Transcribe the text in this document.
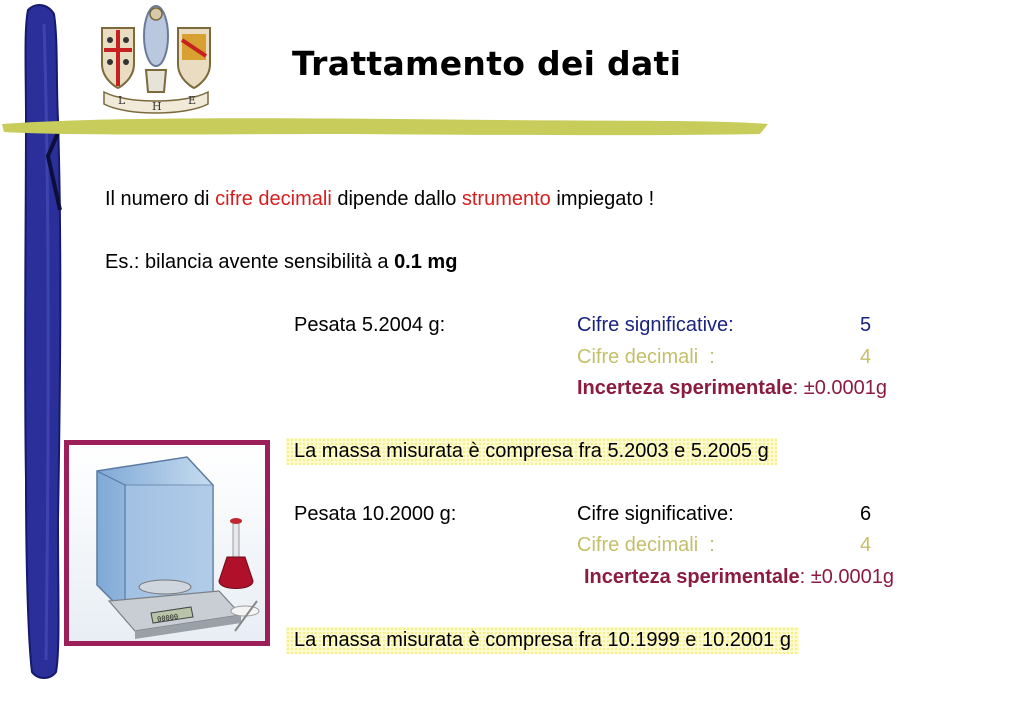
L H E
Trattamento dei dati
Il numero di cifre decimali dipende dallo strumento impiegato !
Es.: bilancia avente sensibilità a 0.1 mg
Pesata 5.2004 g:	Cifre significative:	5
Cifre decimali  :	4
Incerteza sperimentale: ±0.0001g
La massa misurata è compresa fra 5.2003 e 5.2005 g
Pesata 10.2000 g:	Cifre significative:	6
Cifre decimali  :	4
Incerteza sperimentale: ±0.0001g
La massa misurata è compresa fra 10.1999 e 10.2001 g
00000
